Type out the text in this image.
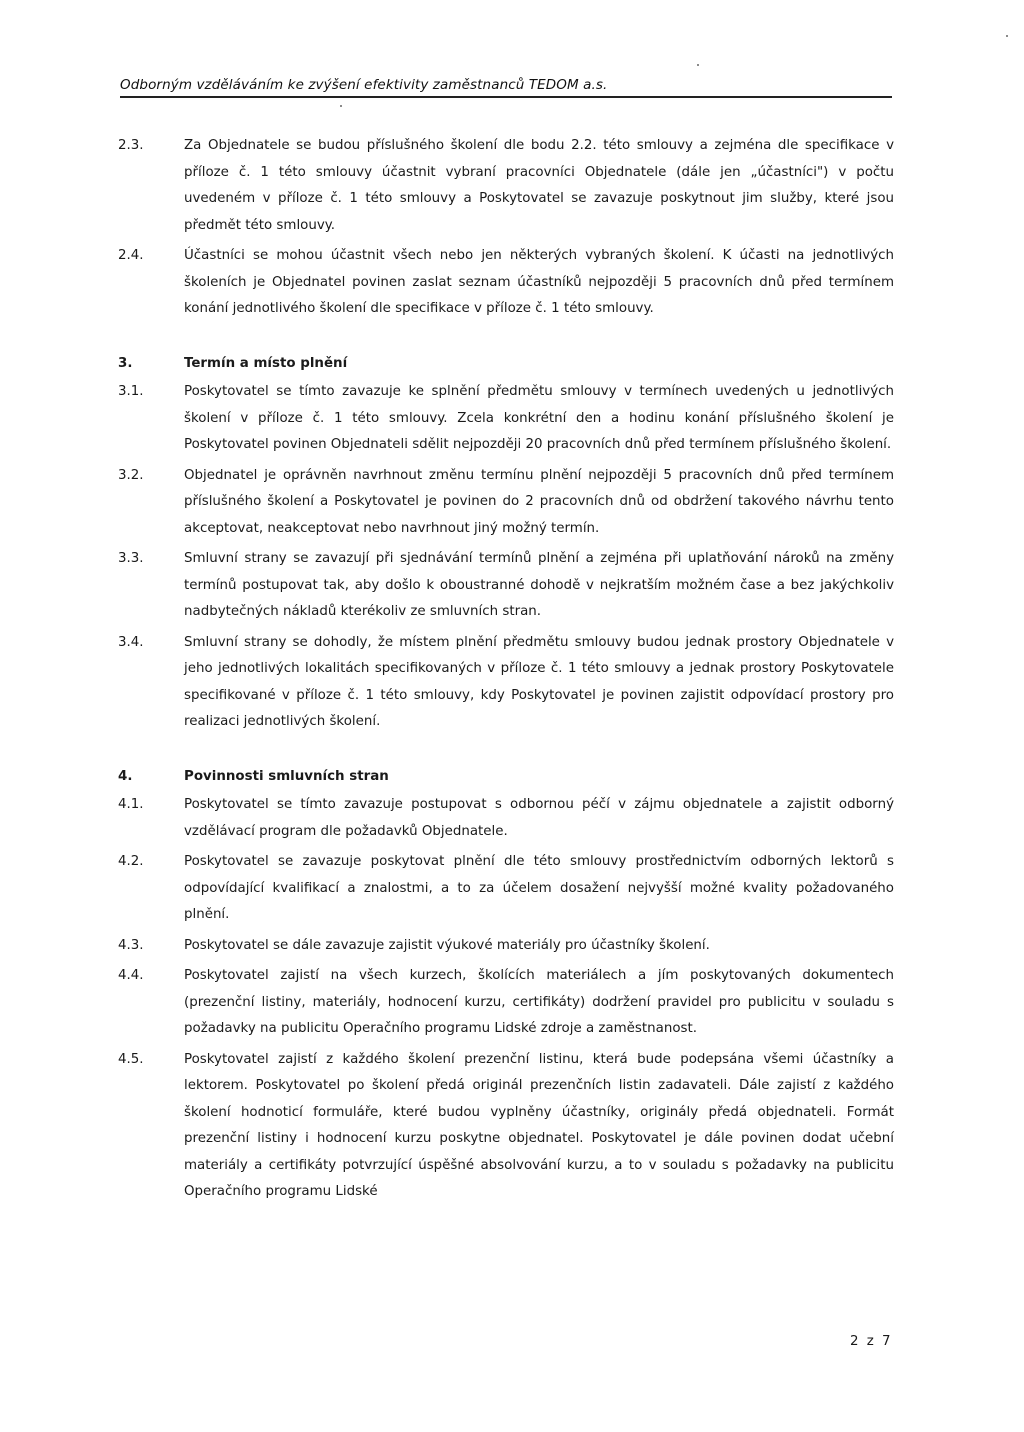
Odborným vzděláváním ke zvýšení efektivity zaměstnanců TEDOM a.s.
2.3.	Za Objednatele se budou příslušného školení dle bodu 2.2. této smlouvy a zejména dle specifikace v příloze č. 1 této smlouvy účastnit vybraní pracovníci Objednatele (dále jen „účastníci") v počtu uvedeném v příloze č. 1 této smlouvy a Poskytovatel se zavazuje poskytnout jim služby, které jsou předmět této smlouvy.

2.4.	Účastníci se mohou účastnit všech nebo jen některých vybraných školení. K účasti na jednotlivých školeních je Objednatel povinen zaslat seznam účastníků nejpozději 5 pracovních dnů před termínem konání jednotlivého školení dle specifikace v příloze č. 1 této smlouvy.

3.	Termín a místo plnění
3.1.	Poskytovatel se tímto zavazuje ke splnění předmětu smlouvy v termínech uvedených u jednotlivých školení v příloze č. 1 této smlouvy. Zcela konkrétní den a hodinu konání příslušného školení je Poskytovatel povinen Objednateli sdělit nejpozději 20 pracovních dnů před termínem příslušného školení.

3.2.	Objednatel je oprávněn navrhnout změnu termínu plnění nejpozději 5 pracovních dnů před termínem příslušného školení a Poskytovatel je povinen do 2 pracovních dnů od obdržení takového návrhu tento akceptovat, neakceptovat nebo navrhnout jiný možný termín.

3.3.	Smluvní strany se zavazují při sjednávání termínů plnění a zejména při uplatňování nároků na změny termínů postupovat tak, aby došlo k oboustranné dohodě v nejkratším možném čase a bez jakýchkoliv nadbytečných nákladů kterékoliv ze smluvních stran.

3.4.	Smluvní strany se dohodly, že místem plnění předmětu smlouvy budou jednak prostory Objednatele v jeho jednotlivých lokalitách specifikovaných v příloze č. 1 této smlouvy a jednak prostory Poskytovatele specifikované v příloze č. 1 této smlouvy, kdy Poskytovatel je povinen zajistit odpovídací prostory pro realizaci jednotlivých školení.

4.	Povinnosti smluvních stran
4.1.	Poskytovatel se tímto zavazuje postupovat s odbornou péčí v zájmu objednatele a zajistit odborný vzdělávací program dle požadavků Objednatele.

4.2.	Poskytovatel se zavazuje poskytovat plnění dle této smlouvy prostřednictvím odborných lektorů s odpovídající kvalifikací a znalostmi, a to za účelem dosažení nejvyšší možné kvality požadovaného plnění.

4.3.	Poskytovatel se dále zavazuje zajistit výukové materiály pro účastníky školení.

4.4.	Poskytovatel zajistí na všech kurzech, školících materiálech a jím poskytovaných dokumentech (prezenční listiny, materiály, hodnocení kurzu, certifikáty) dodržení pravidel pro publicitu v souladu s požadavky na publicitu Operačního programu Lidské zdroje a zaměstnanost.

4.5.	Poskytovatel zajistí z každého školení prezenční listinu, která bude podepsána všemi účastníky a lektorem. Poskytovatel po školení předá originál prezenčních listin zadavateli. Dále zajistí z každého školení hodnoticí formuláře, které budou vyplněny účastníky, originály předá objednateli. Formát prezenční listiny i hodnocení kurzu poskytne objednatel. Poskytovatel je dále povinen dodat učební materiály a certifikáty potvrzující úspěšné absolvování kurzu, a to v souladu s požadavky na publicitu Operačního programu Lidské

2 z 7
